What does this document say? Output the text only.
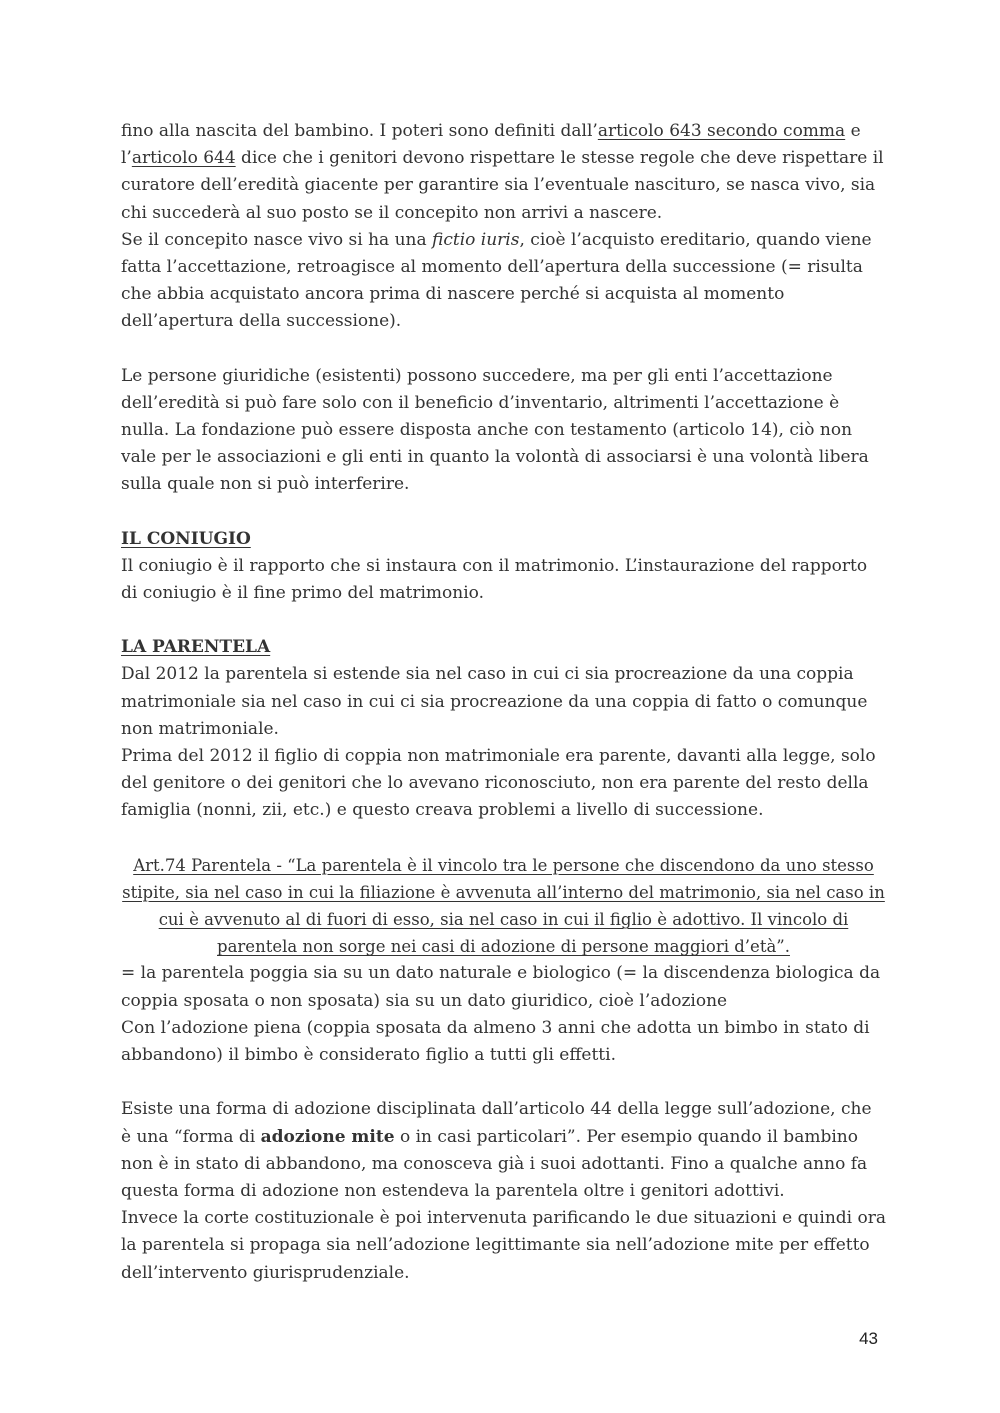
fino alla nascita del bambino. I poteri sono definiti dall’articolo 643 secondo comma e l’articolo 644 dice che i genitori devono rispettare le stesse regole che deve rispettare il curatore dell’eredità giacente per garantire sia l’eventuale nascituro, se nasca vivo, sia chi succederà al suo posto se il concepito non arrivi a nascere.

Se il concepito nasce vivo si ha una fictio iuris, cioè l’acquisto ereditario, quando viene fatta l’accettazione, retroagisce al momento dell’apertura della successione (= risulta che abbia acquistato ancora prima di nascere perché si acquista al momento dell’apertura della successione).

Le persone giuridiche (esistenti) possono succedere, ma per gli enti l’accettazione dell’eredità si può fare solo con il beneficio d’inventario, altrimenti l’accettazione è nulla. La fondazione può essere disposta anche con testamento (articolo 14), ciò non vale per le associazioni e gli enti in quanto la volontà di associarsi è una volontà libera sulla quale non si può interferire.

IL CONIUGIO

Il coniugio è il rapporto che si instaura con il matrimonio. L’instaurazione del rapporto di coniugio è il fine primo del matrimonio.

LA PARENTELA

Dal 2012 la parentela si estende sia nel caso in cui ci sia procreazione da una coppia matrimoniale sia nel caso in cui ci sia procreazione da una coppia di fatto o comunque non matrimoniale.

Prima del 2012 il figlio di coppia non matrimoniale era parente, davanti alla legge, solo del genitore o dei genitori che lo avevano riconosciuto, non era parente del resto della famiglia (nonni, zii, etc.) e questo creava problemi a livello di successione.

Art.74 Parentela - “La parentela è il vincolo tra le persone che discendono da uno stesso stipite, sia nel caso in cui la filiazione è avvenuta all’interno del matrimonio, sia nel caso in cui è avvenuto al di fuori di esso, sia nel caso in cui il figlio è adottivo. Il vincolo di parentela non sorge nei casi di adozione di persone maggiori d’età”.

= la parentela poggia sia su un dato naturale e biologico (= la discendenza biologica da coppia sposata o non sposata) sia su un dato giuridico, cioè l’adozione

Con l’adozione piena (coppia sposata da almeno 3 anni che adotta un bimbo in stato di abbandono) il bimbo è considerato figlio a tutti gli effetti.

Esiste una forma di adozione disciplinata dall’articolo 44 della legge sull’adozione, che è una “forma di adozione mite o in casi particolari”. Per esempio quando il bambino non è in stato di abbandono, ma conosceva già i suoi adottanti. Fino a qualche anno fa questa forma di adozione non estendeva la parentela oltre i genitori adottivi.

Invece la corte costituzionale è poi intervenuta parificando le due situazioni e quindi ora la parentela si propaga sia nell’adozione legittimante sia nell’adozione mite per effetto dell’intervento giurisprudenziale.

43
